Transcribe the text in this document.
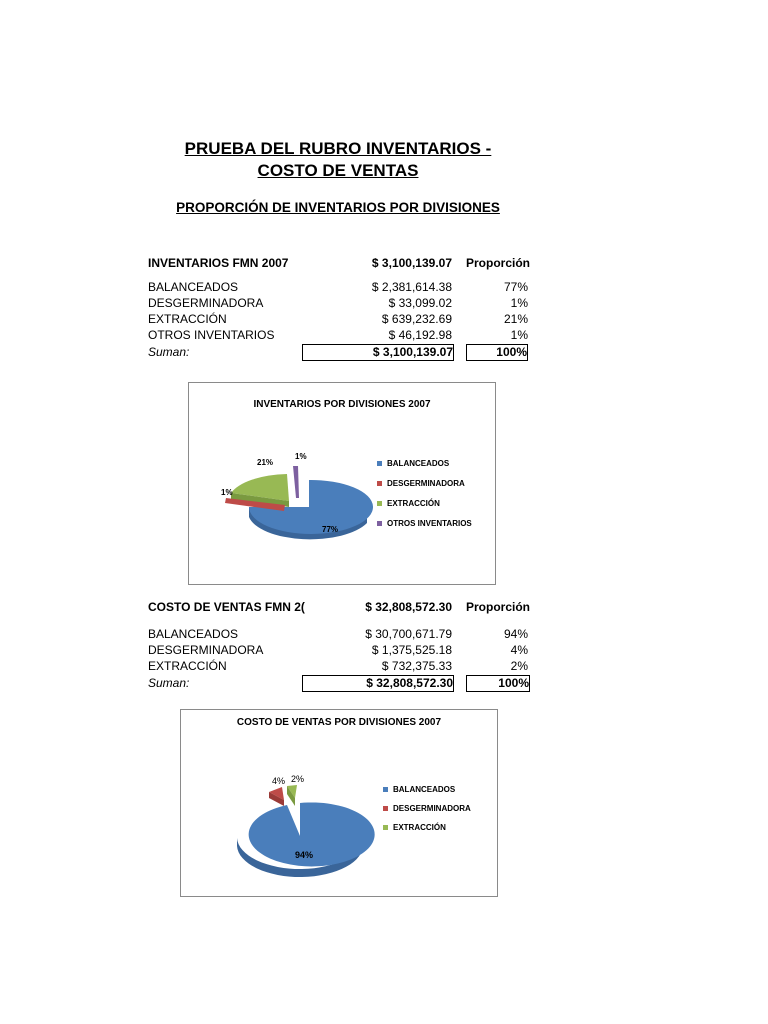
PRUEBA DEL RUBRO INVENTARIOS -
COSTO DE VENTAS
PROPORCIÓN DE INVENTARIOS POR DIVISIONES
INVENTARIOS FMN 2007	$ 3,100,139.07 Proporción
BALANCEADOS	$ 2,381,614.38	77%
DESGERMINADORA	$ 33,099.02	1%
EXTRACCIÓN	$ 639,232.69	21%
OTROS INVENTARIOS	$ 46,192.98	1%
Suman:	$ 3,100,139.07	100%
INVENTARIOS POR DIVISIONES 2007
77%
1%
21%
1%
BALANCEADOS
DESGERMINADORA
EXTRACCIÓN
OTROS INVENTARIOS
COSTO DE VENTAS FMN 2(	$ 32,808,572.30 Proporción
BALANCEADOS	$ 30,700,671.79	94%
DESGERMINADORA	$ 1,375,525.18	4%
EXTRACCIÓN	$ 732,375.33	2%
Suman:	$ 32,808,572.30	100%
COSTO DE VENTAS POR DIVISIONES 2007
94%
4% 2%
BALANCEADOS
DESGERMINADORA
EXTRACCIÓN
